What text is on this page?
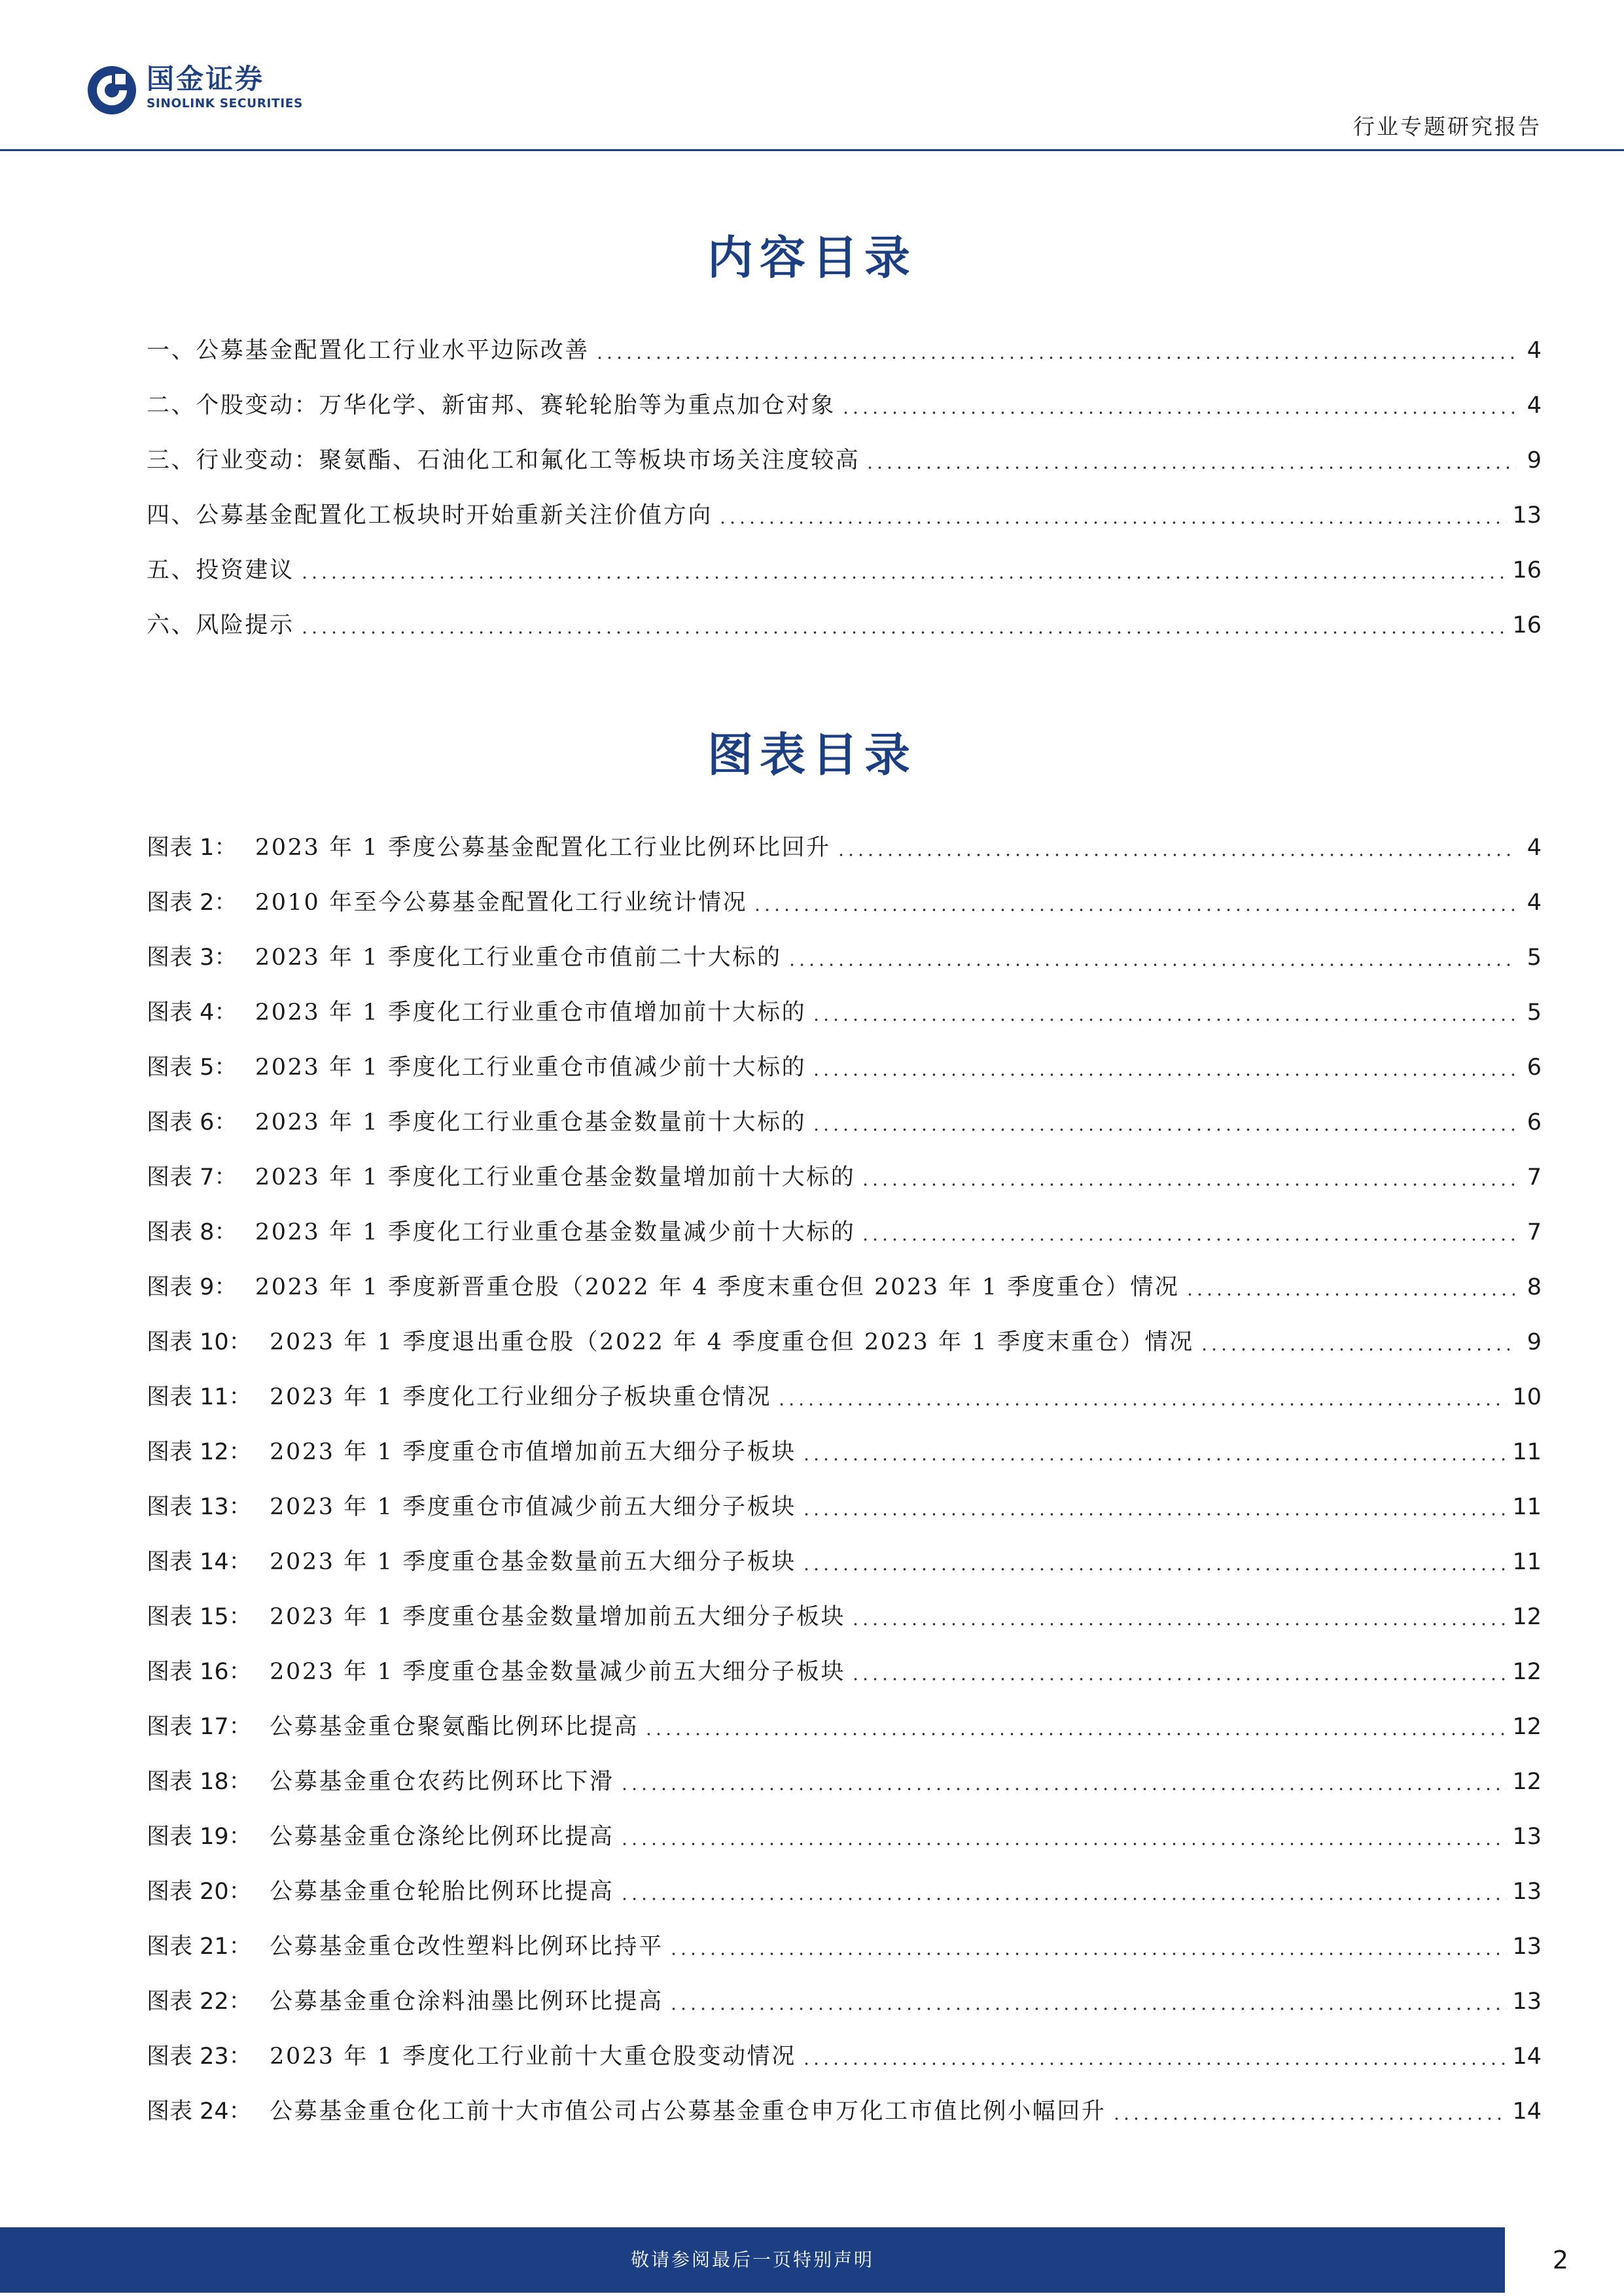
国金证券
SINOLINK SECURITIES
行业专题研究报告
内容目录
一、公募基金配置化工行业水平边际改善	4
二、个股变动：万华化学、新宙邦、赛轮轮胎等为重点加仓对象	4
三、行业变动：聚氨酯、石油化工和氟化工等板块市场关注度较高	9
四、公募基金配置化工板块时开始重新关注价值方向	13
五、投资建议	16
六、风险提示	16
图表目录
图表 1： 2023 年 1 季度公募基金配置化工行业比例环比回升	4
图表 2： 2010 年至今公募基金配置化工行业统计情况	4
图表 3： 2023 年 1 季度化工行业重仓市值前二十大标的	5
图表 4： 2023 年 1 季度化工行业重仓市值增加前十大标的	5
图表 5： 2023 年 1 季度化工行业重仓市值减少前十大标的	6
图表 6： 2023 年 1 季度化工行业重仓基金数量前十大标的	6
图表 7： 2023 年 1 季度化工行业重仓基金数量增加前十大标的	7
图表 8： 2023 年 1 季度化工行业重仓基金数量减少前十大标的	7
图表 9： 2023 年 1 季度新晋重仓股（2022 年 4 季度末重仓但 2023 年 1 季度重仓）情况	8
图表 10： 2023 年 1 季度退出重仓股（2022 年 4 季度重仓但 2023 年 1 季度末重仓）情况	9
图表 11： 2023 年 1 季度化工行业细分子板块重仓情况	10
图表 12： 2023 年 1 季度重仓市值增加前五大细分子板块	11
图表 13： 2023 年 1 季度重仓市值减少前五大细分子板块	11
图表 14： 2023 年 1 季度重仓基金数量前五大细分子板块	11
图表 15： 2023 年 1 季度重仓基金数量增加前五大细分子板块	12
图表 16： 2023 年 1 季度重仓基金数量减少前五大细分子板块	12
图表 17： 公募基金重仓聚氨酯比例环比提高	12
图表 18： 公募基金重仓农药比例环比下滑	12
图表 19： 公募基金重仓涤纶比例环比提高	13
图表 20： 公募基金重仓轮胎比例环比提高	13
图表 21： 公募基金重仓改性塑料比例环比持平	13
图表 22： 公募基金重仓涂料油墨比例环比提高	13
图表 23： 2023 年 1 季度化工行业前十大重仓股变动情况	14
图表 24： 公募基金重仓化工前十大市值公司占公募基金重仓申万化工市值比例小幅回升	14
敬请参阅最后一页特别声明	2
